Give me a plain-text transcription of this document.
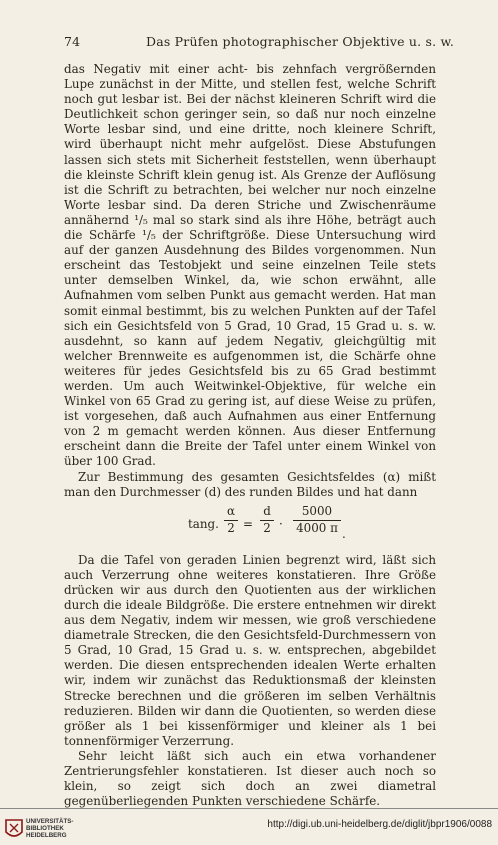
74	Das Prüfen photographischer Objektive u. s. w.

das Negativ mit einer acht- bis zehnfach vergrößernden Lupe zunächst in der Mitte, und stellen fest, welche Schrift noch gut lesbar ist. Bei der nächst kleineren Schrift wird die Deutlichkeit schon geringer sein, so daß nur noch einzelne Worte lesbar sind, und eine dritte, noch kleinere Schrift, wird überhaupt nicht mehr aufgelöst. Diese Abstufungen lassen sich stets mit Sicherheit feststellen, wenn überhaupt die kleinste Schrift klein genug ist. Als Grenze der Auflösung ist die Schrift zu betrachten, bei welcher nur noch einzelne Worte lesbar sind. Da deren Striche und Zwischenräume annähernd ¹/₅ mal so stark sind als ihre Höhe, beträgt auch die Schärfe ¹/₅ der Schriftgröße. Diese Untersuchung wird auf der ganzen Ausdehnung des Bildes vorgenommen. Nun erscheint das Testobjekt und seine einzelnen Teile stets unter demselben Winkel, da, wie schon erwähnt, alle Aufnahmen vom selben Punkt aus gemacht werden. Hat man somit einmal bestimmt, bis zu welchen Punkten auf der Tafel sich ein Gesichtsfeld von 5 Grad, 10 Grad, 15 Grad u. s. w. ausdehnt, so kann auf jedem Negativ, gleichgültig mit welcher Brennweite es aufgenommen ist, die Schärfe ohne weiteres für jedes Gesichtsfeld bis zu 65 Grad bestimmt werden. Um auch Weitwinkel-Objektive, für welche ein Winkel von 65 Grad zu gering ist, auf diese Weise zu prüfen, ist vorgesehen, daß auch Aufnahmen aus einer Entfernung von 2 m gemacht werden können. Aus dieser Entfernung erscheint dann die Breite der Tafel unter einem Winkel von über 100 Grad.

Zur Bestimmung des gesamten Gesichtsfeldes (α) mißt man den Durchmesser (d) des runden Bildes und hat dann

tang.
α
2 =
d
2 ·
5000
4000 π .

Da die Tafel von geraden Linien begrenzt wird, läßt sich auch Verzerrung ohne weiteres konstatieren. Ihre Größe drücken wir aus durch den Quotienten aus der wirklichen durch die ideale Bildgröße. Die erstere entnehmen wir direkt aus dem Negativ, indem wir messen, wie groß verschiedene diametrale Strecken, die den Gesichtsfeld-Durchmessern von 5 Grad, 10 Grad, 15 Grad u. s. w. entsprechen, abgebildet werden. Die diesen entsprechenden idealen Werte erhalten wir, indem wir zunächst das Reduktionsmaß der kleinsten Strecke berechnen und die größeren im selben Verhältnis reduzieren. Bilden wir dann die Quotienten, so werden diese größer als 1 bei kissenförmiger und kleiner als 1 bei tonnenförmiger Verzerrung.

Sehr leicht läßt sich auch ein etwa vorhandener Zentrierungsfehler konstatieren. Ist dieser auch noch so klein, so zeigt sich doch an zwei diametral gegenüberliegenden Punkten verschiedene Schärfe.

UNIVERSITÄTS-
BIBLIOTHEK
HEIDELBERG
http://digi.ub.uni-heidelberg.de/diglit/jbpr1906/0088
